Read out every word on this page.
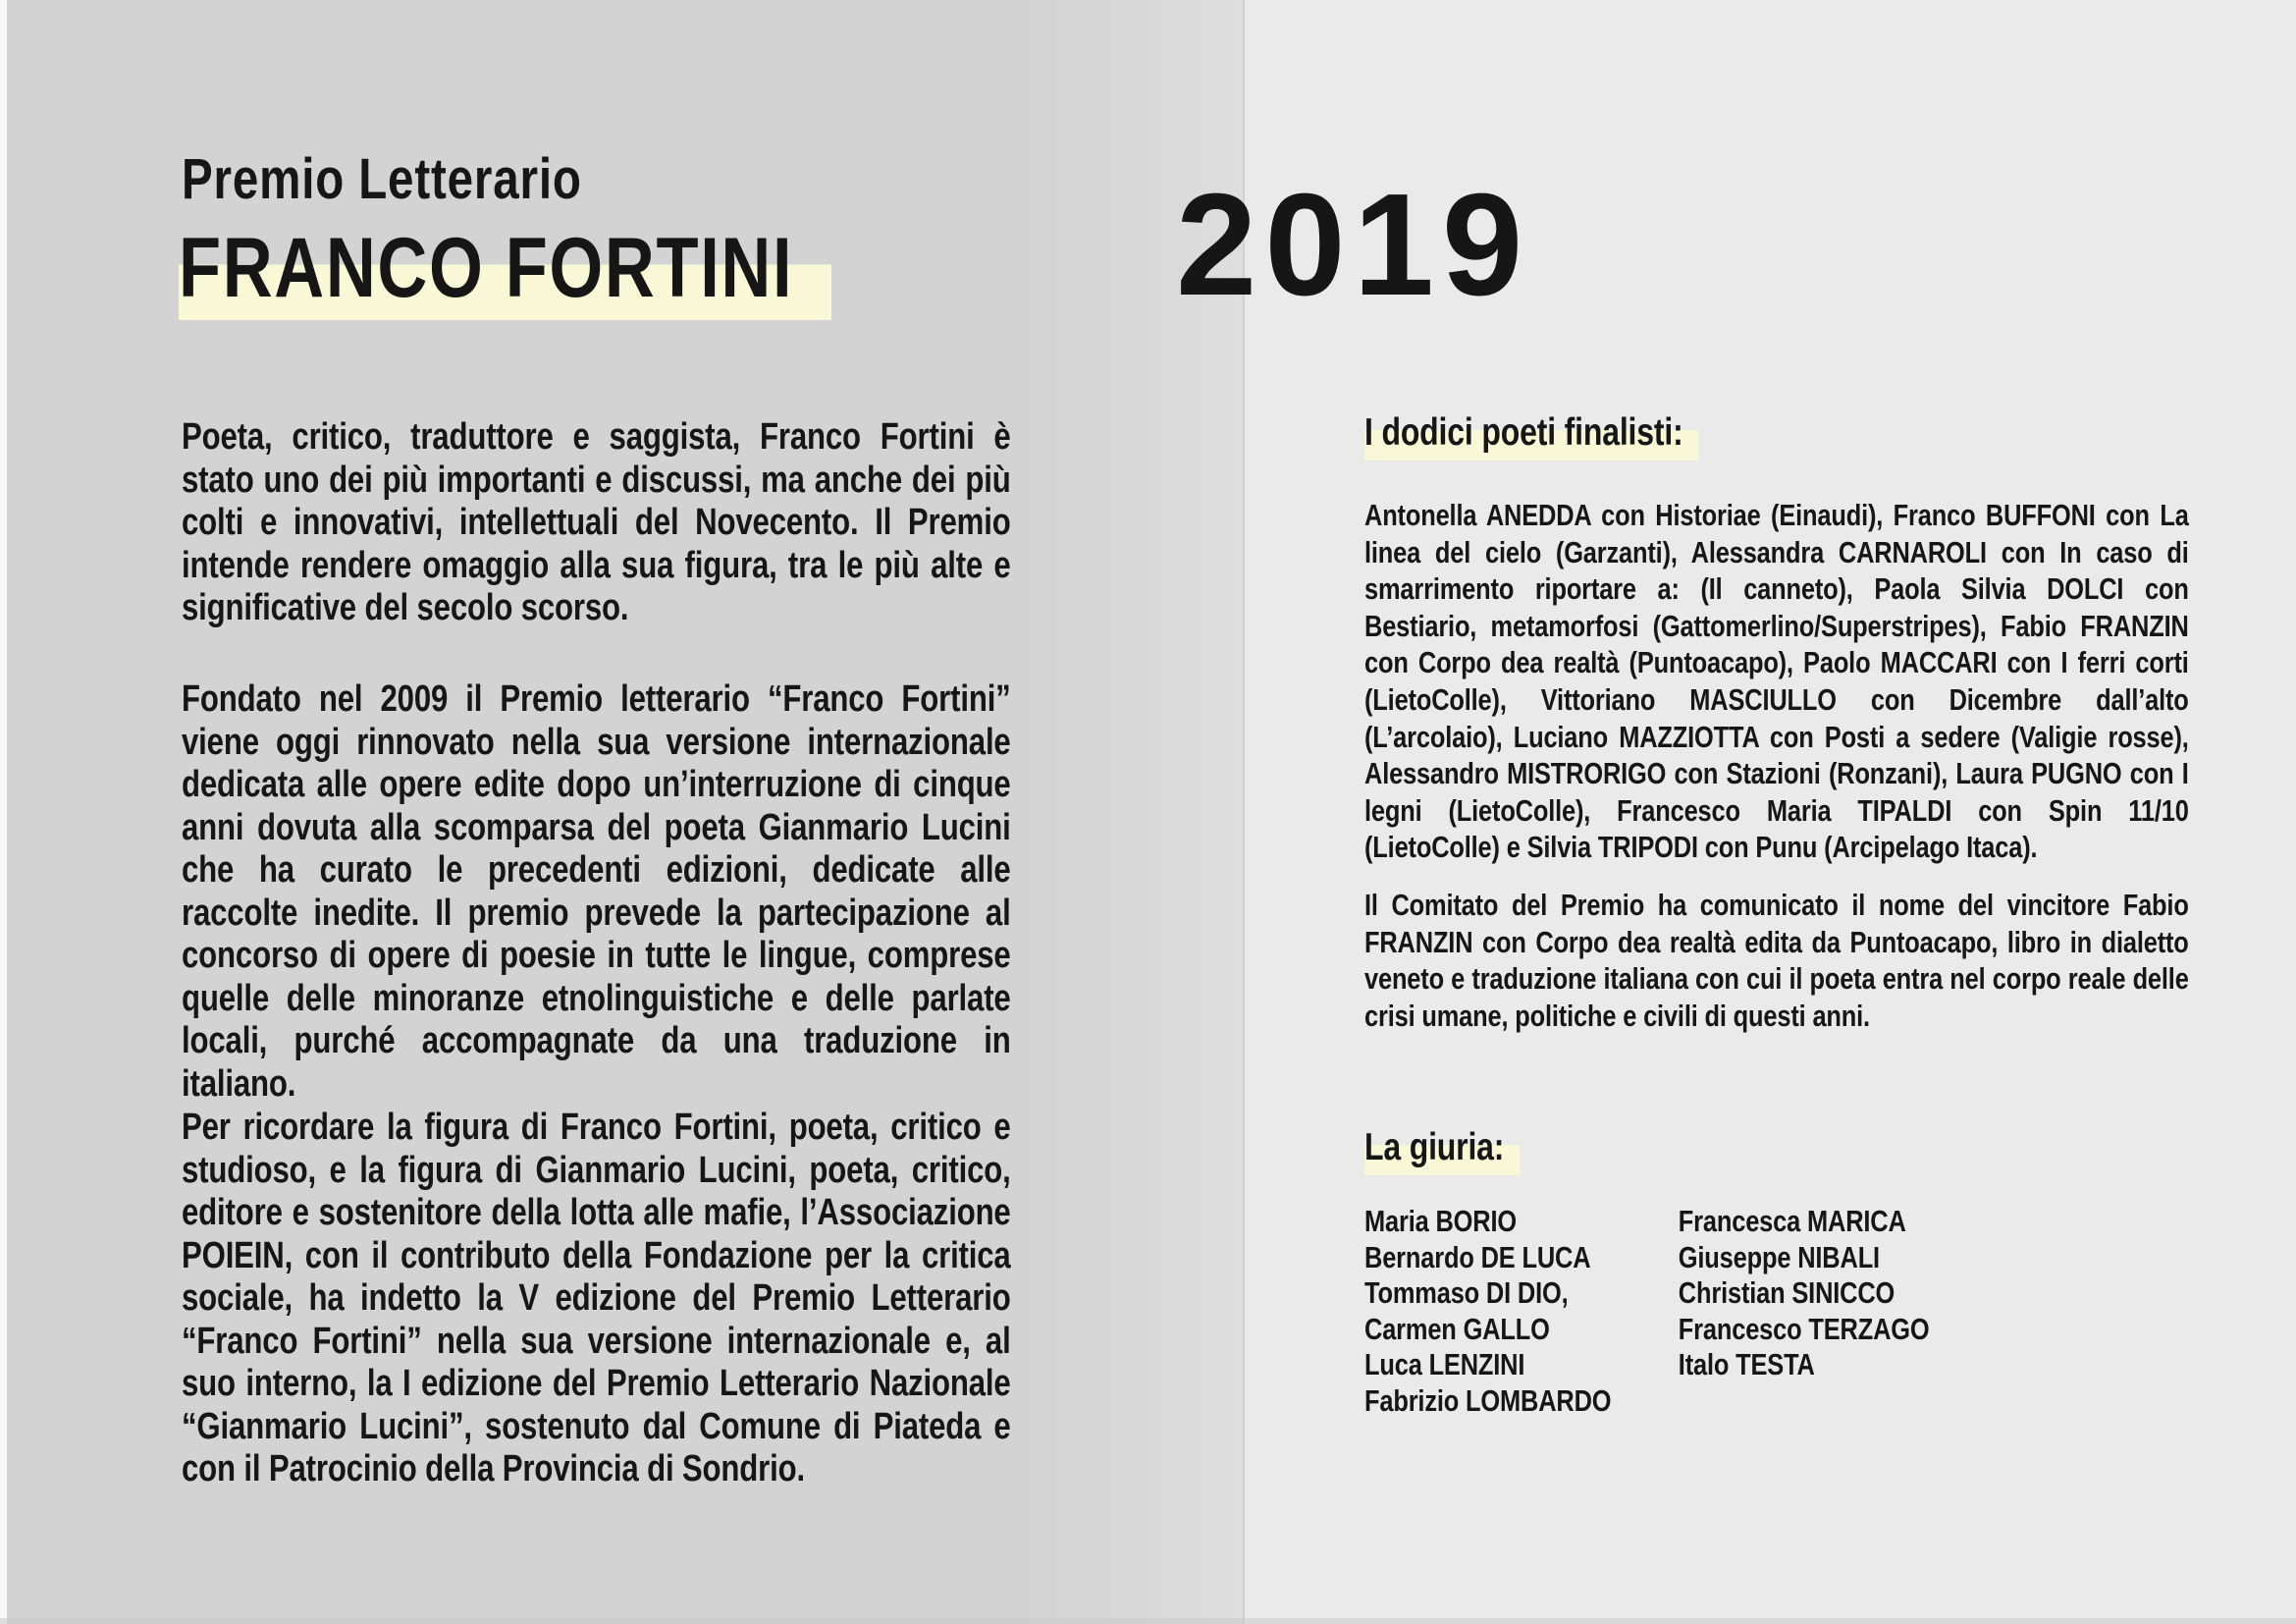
Premio Letterario
FRANCO FORTINI

Poeta, critico, traduttore e saggista, Franco Fortini è stato uno dei più importanti e discussi, ma anche dei più colti e innovativi, intellettuali del Novecento. Il Premio intende rendere omaggio alla sua figura, tra le più alte e significative del secolo scorso.

Fondato nel 2009 il Premio letterario “Franco Fortini” viene oggi rinnovato nella sua versione internazionale dedicata alle opere edite dopo un’interruzione di cinque anni dovuta alla scomparsa del poeta Gianmario Lucini che ha curato le precedenti edizioni, dedicate alle raccolte inedite. Il premio prevede la partecipazione al concorso di opere di poesie in tutte le lingue, comprese quelle delle minoranze etnolinguistiche e delle parlate locali, purché accompagnate da una traduzione in italiano.

Per ricordare la figura di Franco Fortini, poeta, critico e studioso, e la figura di Gianmario Lucini, poeta, critico, editore e sostenitore della lotta alle mafie, l’Associazione POIEIN, con il contributo della Fondazione per la critica sociale, ha indetto la V edizione del Premio Letterario “Franco Fortini” nella sua versione internazionale e, al suo interno, la I edizione del Premio Letterario Nazionale “Gianmario Lucini”, sostenuto dal Comune di Piateda e con il Patrocinio della Provincia di Sondrio.

2019
I dodici poeti finalisti:

Antonella ANEDDA con Historiae (Einaudi), Franco BUFFONI con La linea del cielo (Garzanti), Alessandra CARNAROLI con In caso di smarrimento riportare a: (Il canneto), Paola Silvia DOLCI con Bestiario, metamorfosi (Gattomerlino/Superstripes), Fabio FRANZIN con Corpo dea realtà (Puntoacapo), Paolo MACCARI con I ferri corti (LietoColle), Vittoriano MASCIULLO con Dicembre dall’alto (L’arcolaio), Luciano MAZZIOTTA con Posti a sedere (Valigie rosse), Alessandro MISTRORIGO con Stazioni (Ronzani), Laura PUGNO con I legni (LietoColle), Francesco Maria TIPALDI con Spin 11/10 (LietoColle) e Silvia TRIPODI con Punu (Arcipelago Itaca).

Il Comitato del Premio ha comunicato il nome del vincitore Fabio FRANZIN con Corpo dea realtà edita da Puntoacapo, libro in dialetto veneto e traduzione italiana con cui il poeta entra nel corpo reale delle crisi umane, politiche e civili di questi anni.

La giuria:
Maria BORIO
Bernardo DE LUCA
Tommaso DI DIO,
Carmen GALLO
Luca LENZINI
Fabrizio LOMBARDO
Francesca MARICA
Giuseppe NIBALI
Christian SINICCO
Francesco TERZAGO
Italo TESTA
